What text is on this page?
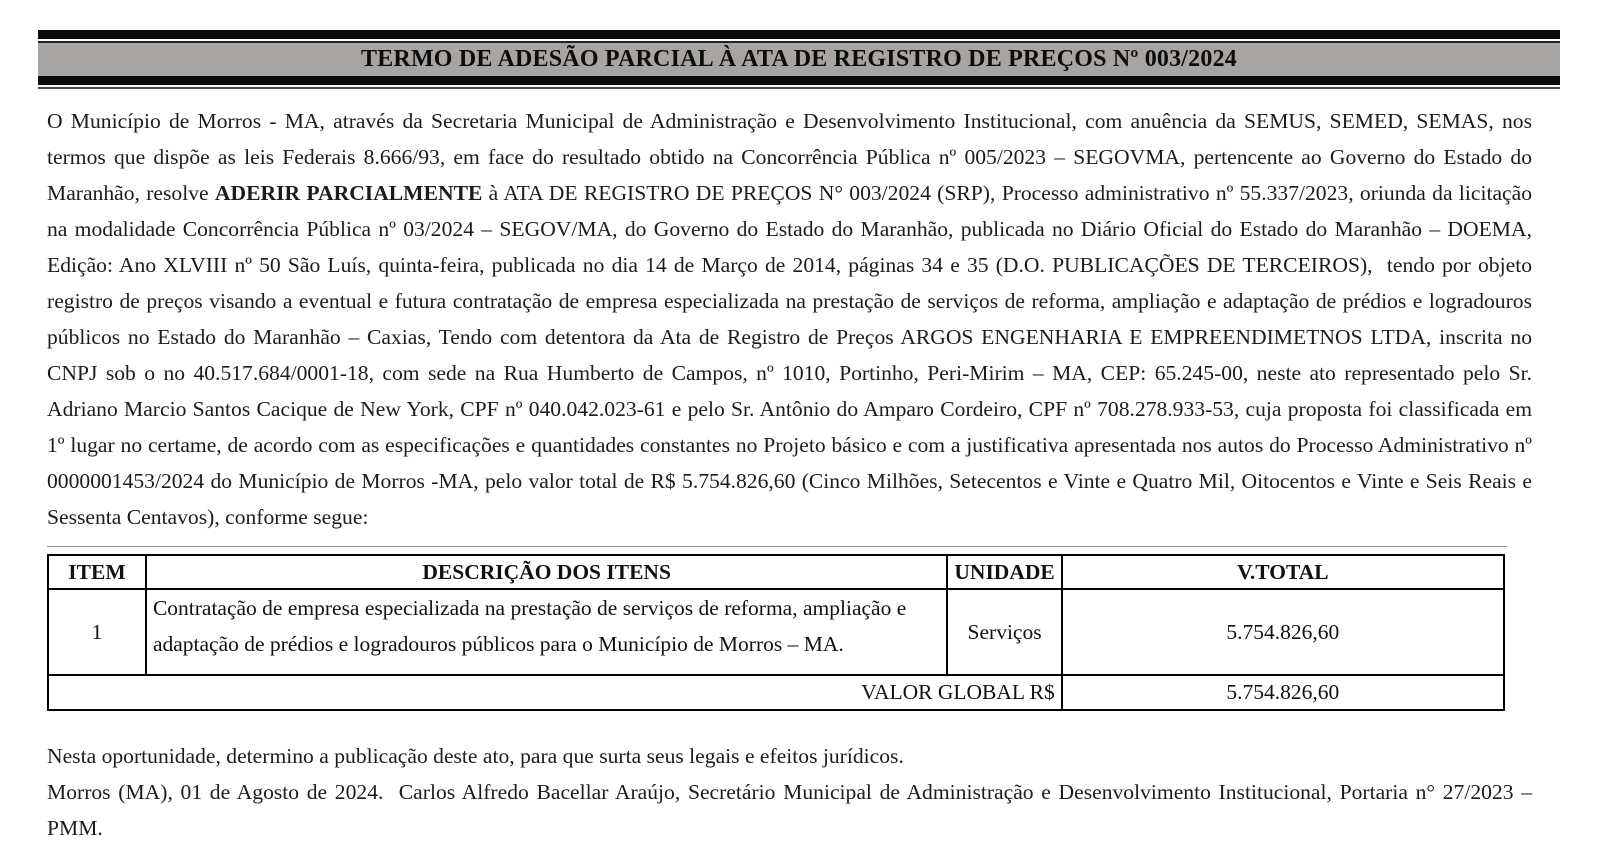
TERMO DE ADESÃO PARCIAL À ATA DE REGISTRO DE PREÇOS Nº 003/2024

O Município de Morros - MA, através da Secretaria Municipal de Administração e Desenvolvimento Institucional, com anuência da SEMUS, SEMED, SEMAS, nos termos que dispõe as leis Federais 8.666/93, em face do resultado obtido na Concorrência Pública nº 005/2023 – SEGOVMA, pertencente ao Governo do Estado do Maranhão, resolve ADERIR PARCIALMENTE à ATA DE REGISTRO DE PREÇOS N° 003/2024 (SRP), Processo administrativo nº 55.337/2023, oriunda da licitação na modalidade Concorrência Pública nº 03/2024 – SEGOV/MA, do Governo do Estado do Maranhão, publicada no Diário Oficial do Estado do Maranhão – DOEMA, Edição: Ano XLVIII nº 50 São Luís, quinta-feira, publicada no dia 14 de Março de 2014, páginas 34 e 35 (D.O. PUBLICAÇÕES DE TERCEIROS),  tendo por objeto registro de preços visando a eventual e futura contratação de empresa especializada na prestação de serviços de reforma, ampliação e adaptação de prédios e logradouros públicos no Estado do Maranhão – Caxias, Tendo com detentora da Ata de Registro de Preços ARGOS ENGENHARIA E EMPREENDIMETNOS LTDA, inscrita no CNPJ sob o no 40.517.684/0001-18, com sede na Rua Humberto de Campos, nº 1010, Portinho, Peri-Mirim – MA, CEP: 65.245-00, neste ato representado pelo Sr. Adriano Marcio Santos Cacique de New York, CPF nº 040.042.023-61 e pelo Sr. Antônio do Amparo Cordeiro, CPF nº 708.278.933-53, cuja proposta foi classificada em 1º lugar no certame, de acordo com as especificações e quantidades constantes no Projeto básico e com a justificativa apresentada nos autos do Processo Administrativo nº 0000001453/2024 do Município de Morros -MA, pelo valor total de R$ 5.754.826,60 (Cinco Milhões, Setecentos e Vinte e Quatro Mil, Oitocentos e Vinte e Seis Reais e Sessenta Centavos), conforme segue:

ITEM	DESCRIÇÃO DOS ITENS	UNIDADE	V.TOTAL
1	Contratação de empresa especializada na prestação de serviços de reforma, ampliação e adaptação de prédios e logradouros públicos para o Município de Morros – MA.	Serviços	5.754.826,60
VALOR GLOBAL R$			5.754.826,60

Nesta oportunidade, determino a publicação deste ato, para que surta seus legais e efeitos jurídicos.

Morros (MA), 01 de Agosto de 2024.  Carlos Alfredo Bacellar Araújo, Secretário Municipal de Administração e Desenvolvimento Institucional, Portaria n° 27/2023 – PMM.
